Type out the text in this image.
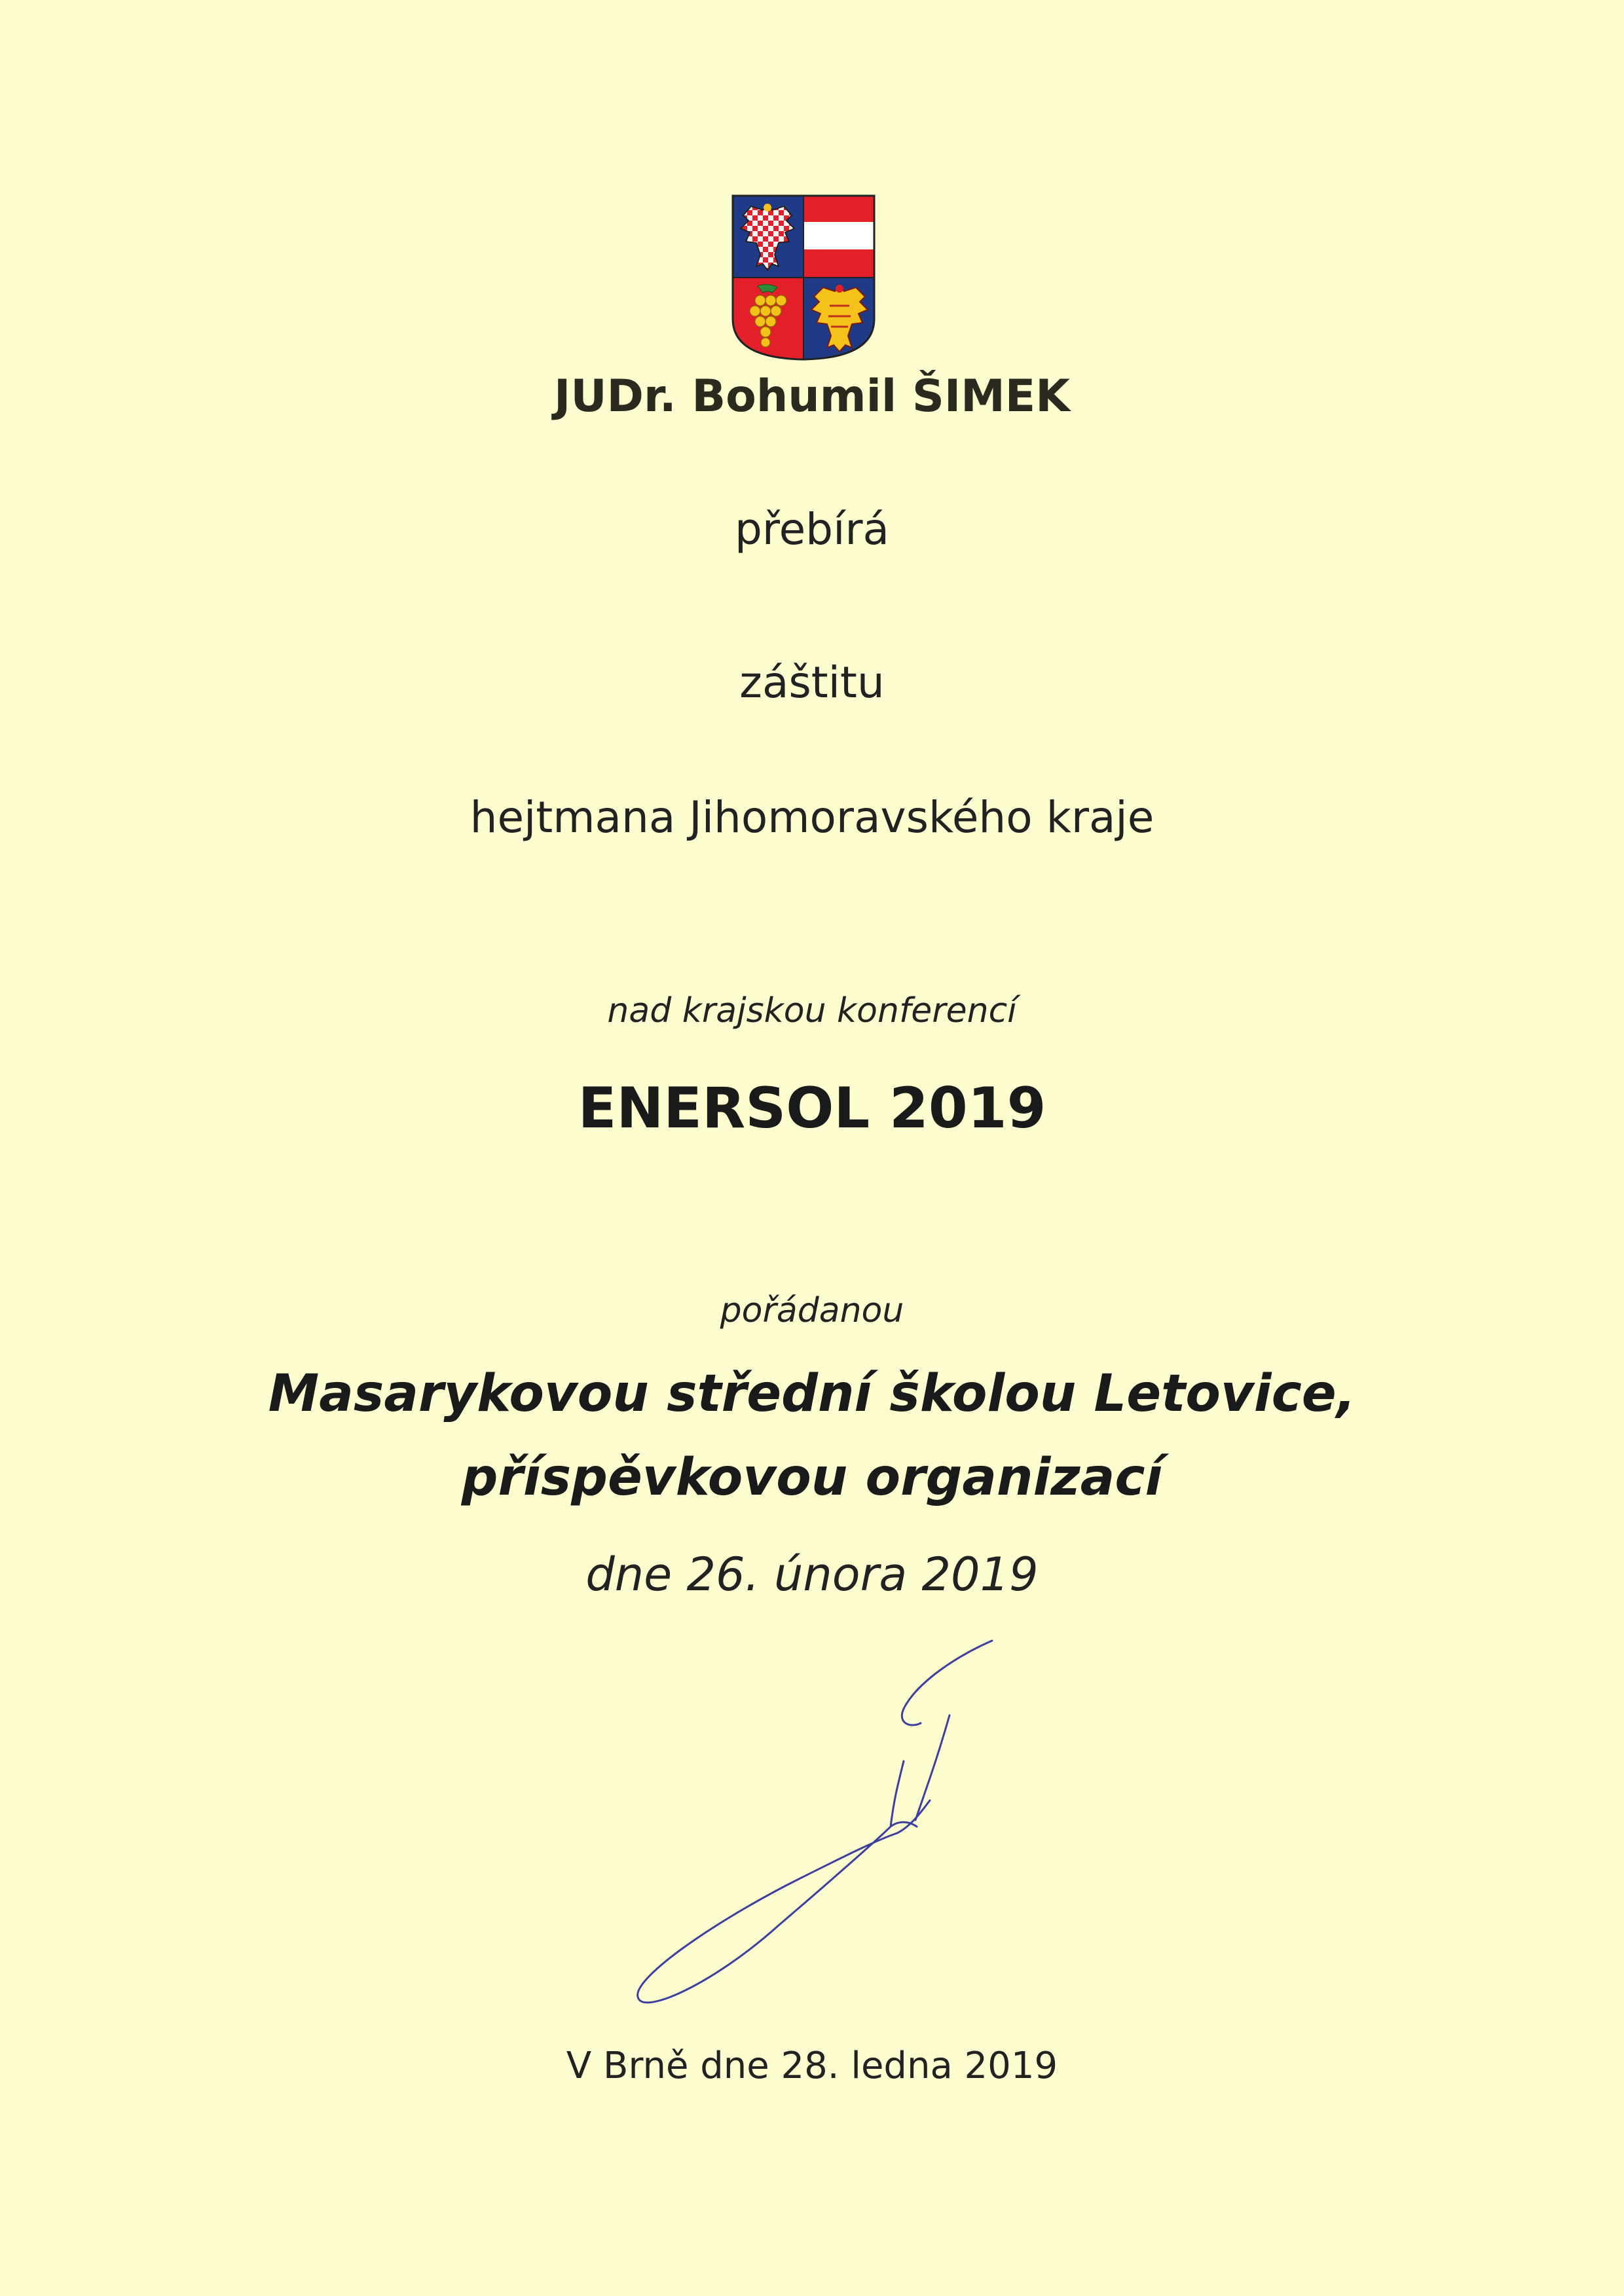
JUDr. Bohumil ŠIMEK
přebírá
záštitu
hejtmana Jihomoravského kraje
nad krajskou konferencí
ENERSOL 2019
pořádanou
Masarykovou střední školou Letovice,
příspěvkovou organizací
dne 26. února 2019
V Brně dne 28. ledna 2019
